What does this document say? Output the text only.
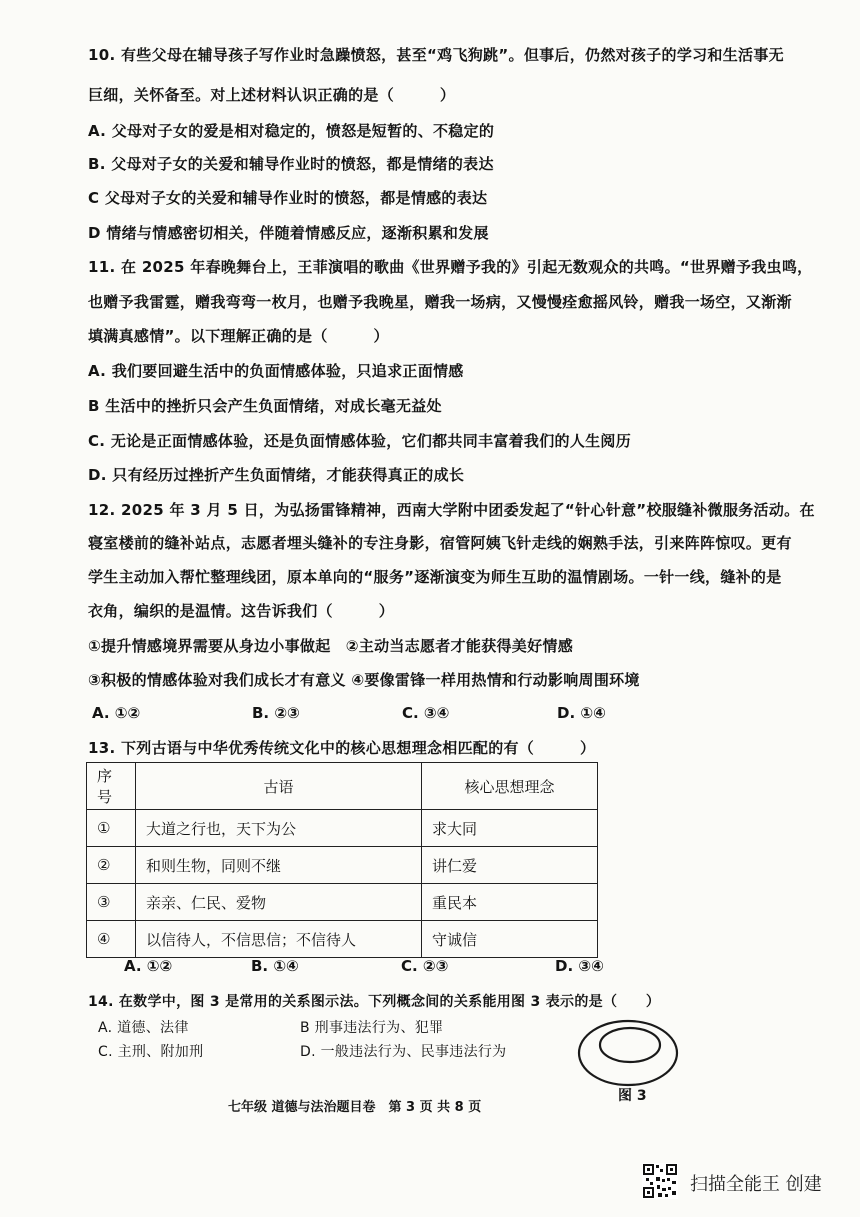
10. 有些父母在辅导孩子写作业时急躁愤怒，甚至“鸡飞狗跳”。但事后，仍然对孩子的学习和生活事无
巨细，关怀备至。对上述材料认识正确的是（　　　）
A. 父母对子女的爱是相对稳定的，愤怒是短暂的、不稳定的
B. 父母对子女的关爱和辅导作业时的愤怒，都是情绪的表达
C 父母对子女的关爱和辅导作业时的愤怒，都是情感的表达
D 情绪与情感密切相关，伴随着情感反应，逐渐积累和发展
11. 在 2025 年春晚舞台上，王菲演唱的歌曲《世界赠予我的》引起无数观众的共鸣。“世界赠予我虫鸣，
也赠予我雷霆，赠我弯弯一枚月，也赠予我晚星，赠我一场病，又慢慢痊愈摇风铃，赠我一场空，又渐渐
填满真感情”。以下理解正确的是（　　　）
A. 我们要回避生活中的负面情感体验，只追求正面情感
B 生活中的挫折只会产生负面情绪，对成长毫无益处
C. 无论是正面情感体验，还是负面情感体验，它们都共同丰富着我们的人生阅历
D. 只有经历过挫折产生负面情绪，才能获得真正的成长
12. 2025 年 3 月 5 日，为弘扬雷锋精神，西南大学附中团委发起了“针心针意”校服缝补微服务活动。在
寝室楼前的缝补站点，志愿者埋头缝补的专注身影，宿管阿姨飞针走线的娴熟手法，引来阵阵惊叹。更有
学生主动加入帮忙整理线团，原本单向的“服务”逐渐演变为师生互助的温情剧场。一针一线，缝补的是
衣角，编织的是温情。这告诉我们（　　　）
①提升情感境界需要从身边小事做起　②主动当志愿者才能获得美好情感
③积极的情感体验对我们成长才有意义 ④要像雷锋一样用热情和行动影响周围环境
A. ①②	B. ②③	C. ③④	D. ①④
13. 下列古语与中华优秀传统文化中的核心思想理念相匹配的有（　　　）
序号	古语	核心思想理念
①	大道之行也，天下为公	求大同
②	和则生物，同则不继	讲仁爱
③	亲亲、仁民、爱物	重民本
④	以信待人，不信思信；不信待人	守诚信
A. ①②	B. ①④	C. ②③	D. ③④
14. 在数学中，图 3 是常用的关系图示法。下列概念间的关系能用图 3 表示的是（　　）
A. 道德、法律	B 刑事违法行为、犯罪
C. 主刑、附加刑	D. 一般违法行为、民事违法行为
图 3
七年级 道德与法治题目卷　第 3 页 共 8 页
扫描全能王 创建
